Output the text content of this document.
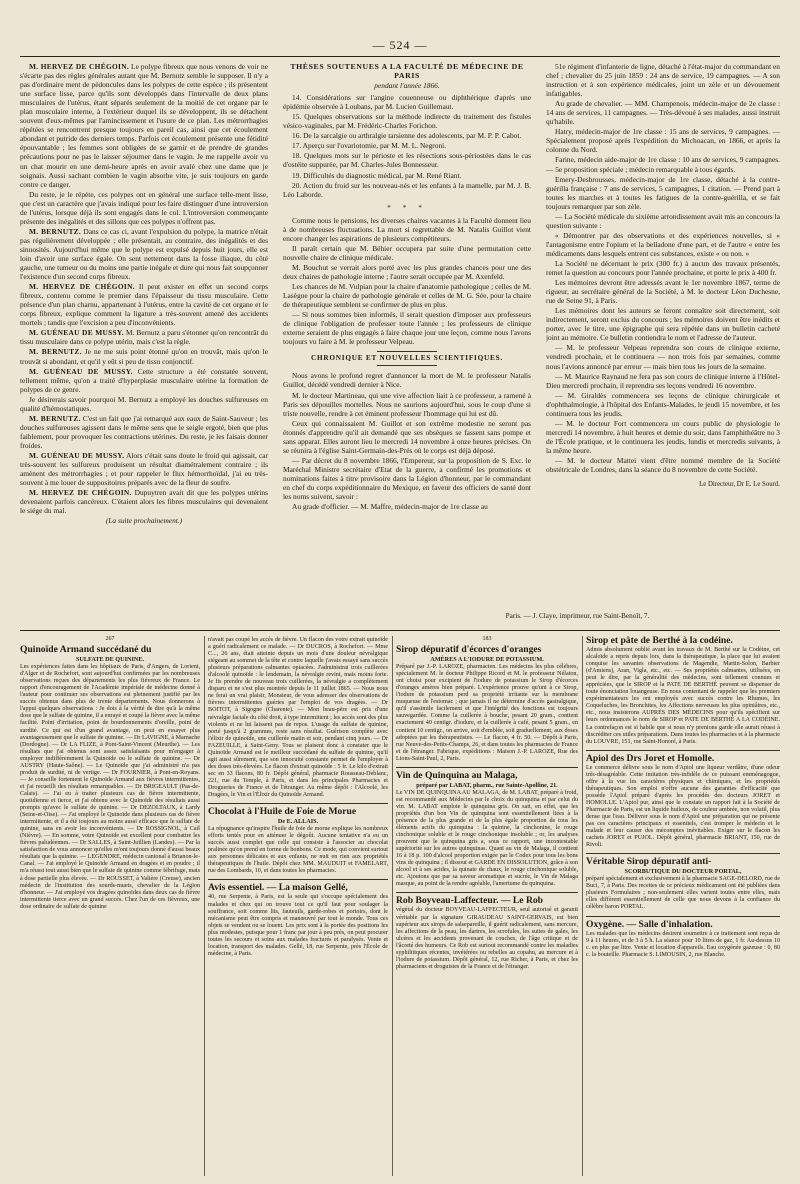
— 524 —

M. HERVEZ DE CHÉGOIN. Le polype fibreux que nous venons de voir ne s'écarte pas des règles générales autant que M. Bernutz semble le supposer. Il n'y a pas d'ordinaire ment de pédoncules dans les polypes de cette espèce ; ils présentent une surface lisse, parce qu'ils sont développés dans l'intervalle de deux plans musculaires de l'utérus, étant séparés seulement de la moitié de cet organe par le plan musculaire interne, à l'extérieur duquel ils se développent, ils se détachent souvent d'eux-mêmes par l'amincissement et l'usure de ce plan. Les métrorrhagies répétées se rencontrent presque toujours en pareil cas, ainsi que cet écoulement abondant et putride des derniers temps. Parfois cet écoulement présente une fétidité épouvantable ; les femmes sont obligées de se garnir et de prendre de grandes précautions pour ne pas le laisser séjourner dans le vagin. Je me rappelle avoir vu un chat mourir en une demi-heure après en avoir avalé chez une dame que je soignais. Aussi sachant combien le vagin absorbe vite, je suis toujours en garde contre ce danger.

Du reste, je le répète, ces polypes ont en général une surface telle-ment lisse, que c'est un caractère que j'avais indiqué pour les faire distinguer d'une introversion de l'utérus, lorsque déjà ils sont engagés dans le col. L'introversion commençante présente des inégalités et des sillons que ces polypes n'offrent pas.

M. BERNUTZ. Dans ce cas ci, avant l'expulsion du polype, la matrice n'était pas régulièrement développée ; elle présentait, au contraire, des inégalités et des sinuosités. Aujourd'hui même que le polype est expulsé depuis huit jours, elle est loin d'avoir une surface égale. On sent nettement dans la fosse iliaque, du côté gauche, une tumeur ou du moins une partie inégale et dure qui nous fait soupçonner l'existence d'un second corps fibreux.

M. HERVEZ DE CHÉGOIN. Il peut exister en effet un second corps fibreux, contenu comme le premier dans l'épaisseur du tissu musculaire. Cette présence d'un plan charnu, appartenant à l'utérus, entre la cavité de cet organe et le corps fibreux, explique comment la ligature a très-souvent amené des accidents mortels ; tandis que l'excision a peu d'inconvénients.

M. GUÉNEAU DE MUSSY. M. Bernutz a paru s'étonner qu'on rencontrât du tissu musculaire dans ce polype utérin, mais c'est la règle.

M. BERNUTZ. Je ne me suis point étonné qu'on en trouvât, mais qu'on le trouvât si abondant, et qu'il y eût si peu de tissu conjonctif.

M. GUÉNEAU DE MUSSY. Cette structure a été constatée souvent, tellement même, qu'on a traité d'hyperplasie musculaire utérine la formation de polypes de ce genre.

Je désirerais savoir pourquoi M. Bernutz a employé les douches sulfureuses en qualité d'hémostatiques.

M. BERNUTZ. C'est un fait que j'ai remarqué aux eaux de Saint-Sauveur ; les douches sulfureuses agissent dans le même sens que le seigle ergoté, bien que plus faiblement, pour provoquer les contractions utérines. Du reste, je les faisais donner froides.

M. GUÉNEAU DE MUSSY. Alors c'était sans doute le froid qui agissait, car très-souvent les sulfureux produisent un résultat diamétralement contraire ; ils amènent des métrorrhagies ; et pour rappeler le flux hémorrhoïdal, j'ai eu très-souvent à me louer de suppositoires préparés avec de la fleur de soufre.

M. HERVEZ DE CHÉGOIN. Dupuytren avait dit que les polypes utérins devenaient parfois cancéreux. C'étaient alors les fibres musculaires qui devenaient le siége du mal.

(La suite prochainement.)

THÈSES SOUTENUES A LA FACULTÉ DE MÉDECINE DE PARIS

pendant l'année 1866.

14. Considérations sur l'angine couenneuse ou diphthérique d'après une épidémie observée à Loubans, par M. Lucien Guillemaut.

15. Quelques observations sur la méthode indirecte du traitement des fistules vésico-vaginales, par M. Frédéric-Charles Forichon.

16. De la sarcalgie ou arthralgie tarsienne des adolescents, par M. P. P. Cabot.

17. Aperçu sur l'ovariotomie, par M. M. L. Negroni.

18. Quelques mots sur le périoste et les résections sous-périostées dans le cas d'ostéite suppurée, par M. Charles-Jules Bonnesseur.

19. Difficultés du diagnostic médical, par M. René Riant.

20. Action du froid sur les nouveau-nés et les enfants à la mamelle, par M. J. B. Léo Laborde.

* * *

Comme nous le pensions, les diverses chaires vacantes à la Faculté donnent lieu à de nombreuses fluctuations. La mort si regrettable de M. Natalis Guillot vient encore changer les aspirations de plusieurs compétiteurs.

Il paraît certain que M. Béhier occupera par suite d'une permutation cette nouvelle chaire de clinique médicale.

M. Bouchut se verrait alors porté avec les plus grandes chances pour une des deux chaires de pathologie interne ; l'autre serait occupée par M. Axenfeld.

Les chances de M. Vulpian pour la chaire d'anatomie pathologique ; celles de M. Lasègue pour la chaire de pathologie générale et celles de M. G. Sée, pour la chaire de thérapeutique semblent se confirmer de plus en plus.

— Si nous sommes bien informés, il serait question d'imposer aux professeurs de clinique l'obligation de professer toute l'année ; les professeurs de clinique externe seraient de plus engagés à faire chaque jour une leçon, comme nous l'avons toujours vu faire à M. le professeur Velpeau.

CHRONIQUE ET NOUVELLES SCIENTIFIQUES.

Nous avons le profond regret d'annoncer la mort de M. le professeur Natalis Guillot, décédé vendredi dernier à Nice.

M. le docteur Martineau, qui une vive affection liait à ce professeur, a ramené à Paris ses dépouilles mortelles. Nous ne saurions aujourd'hui, sous le coup d'une si triste nouvelle, rendre à cet éminent professeur l'hommage qui lui est dû.

Ceux qui connaissaient M. Guillot et son extrême modestie ne seront pas étonnés d'apprendre qu'il ait demandé que ses obsèques se fassent sans pompe et sans apparat. Elles auront lieu le mercredi 14 novembre à onze heures précises. On se réunira à l'église Saint-Germain-des-Prés où le corps est déjà déposé.

— Par décret du 8 novembre 1866, l'Empereur, sur la proposition de S. Exc. le Maréchal Ministre secrétaire d'Etat de la guerre, a confirmé les promotions et nominations faites à titre provisoire dans la Légion d'honneur, par le commandant en chef du corps expéditionnaire du Mexique, en faveur des officiers de santé dont les noms suivent, savoir :

Au grade d'officier. — M. Maffre, médecin-major de 1re classe au

51e régiment d'infanterie de ligne, détaché à l'état-major du commandant en chef ; chevalier du 25 juin 1859 : 24 ans de service, 19 campagnes. — A son instruction et à son expérience médicales, joint un zèle et un dévouement infatigables.

Au grade de chevalier. — MM. Champenois, médecin-major de 2e classe : 14 ans de services, 11 campagnes. — Très-dévoué à ses malades, aussi instruit qu'habile.

Hatry, médecin-major de 1re classe : 15 ans de services, 9 campagnes. — Spécialement proposé après l'expédition du Michoacan, en 1866, et après la colonne du Nord.

Farine, médecin aide-major de 1re classe : 10 ans de services, 9 campagnes. — 5e proposition spéciale ; médecin remarquable à tous égards.

Emery-Desbrousses, médecin-major de 1re classe, détaché à la contre-guérilla française : 7 ans de services, 5 campagnes, 1 citation. — Prend part à toutes les marches et à toutes les fatigues de la contre-guérilla, et se fait toujours remarquer par son zèle.

— La Société médicale du sixième arrondissement avait mis au concours la question suivante :

« Démontrer par des observations et des expériences nouvelles, si « l'antagonisme entre l'opium et la belladone d'une part, et de l'autre « entre les médicaments dans lesquels entrent ces substances, existe « ou non. »

La Société ne décernant le prix (300 fr.) à aucun des travaux présentés, remet la question au concours pour l'année prochaine, et porte le prix à 400 fr.

Les mémoires devront être adressés avant le 1er novembre 1867, terme de rigueur, au secrétaire général de la Société, à M. le docteur Léon Duchesne, rue de Seine 91, à Paris.

Les mémoires dont les auteurs se feront connaître soit directement, soit indirectement, seront exclus du concours ; les mémoires doivent être inédits et porter, avec le titre, une épigraphe qui sera répétée dans un bulletin cacheté joint au mémoire. Ce bulletin contiendra le nom et l'adresse de l'auteur.

— M. le professeur Velpeau reprendra son cours de clinique externe, vendredi prochain, et le continuera — non trois fois par semaines, comme nous l'avions annoncé par erreur — mais bien tous les jours de la semaine.

— M. Maurice Raynaud ne fera pas son cours de clinique interne à l'Hôtel-Dieu mercredi prochain, il reprendra ses leçons vendredi 16 novembre.

— M. Giraldès commencera ses leçons de clinique chirurgicale et d'ophthalmologie, à l'hôpital des Enfants-Malades, le jeudi 15 novembre, et les continuera tous les jeudis.

— M. le docteur Fort commencera un cours public de physiologie le mercredi 14 novembre, à huit heures et demie du soir, dans l'amphithéâtre no 3 de l'École pratique, et le continuera les jeudis, lundis et mercredis suivants, à la même heure.

— M. le docteur Mattei vient d'être nommé membre de la Société obstétricale de Londres, dans la séance du 8 novembre de cette Société.

Le Directeur, Dr E. Le Sourd.

Paris. — J. Claye, imprimeur, rue Saint-Benoît, 7.
267
Quinoïde Armand succédané du
SULFATE DE QUININE.
Les expériences faites dans les hôpitaux de Paris, d'Angers, de Lorient, d'Alger et de Rochefort, sont aujourd'hui confirmées par les nombreuses observations reçues des départements les plus fiévreux de France. Le rapport d'encouragement de l'Académie impériale de médecine donné à l'auteur pour continuer ses observations est pleinement justifié par les succès obtenus dans plus de trente départements. Nous donnerons à l'appui quelques observations : Je dois à la vérité de dire qu'à la même dose que le sulfate de quinine, il a enrayé et coupé la fièvre avec la même facilité. Point d'irritation, point de bourdonnements d'oreille, point de surdité. Ce qui est d'un grand avantage, on peut en essayer plus avantageusement que le sulfate de quinine. — Dr LAVIGNE, à Marnache (Dordogne). — Dr LA FLIZE, à Pont-Saint-Vincent (Meurthe). — Les résultats que j'ai obtenus sont assez satisfaisants pour m'engager à employer indifféremment la Quinoïde ou le sulfate de quinine. — Dr AUSTRY (Haute-Saône). — Le Quinoïde que j'ai administré n'a pas produit de surdité, ni de vertige. — Dr FOURNIER, à Pont-en-Royans. — Je conseille fortement le Quinoïde Armand aux fièvres intermittentes, et j'ai recueilli des résultats remarquables. — Dr BRIGEAULT (Pas-de-Calais). — J'ai eu à traiter plusieurs cas de fièvre intermittente, quotidienne et tierce, et j'ai obtenu avec le Quinoïde des résultats aussi prompts qu'avec le sulfate de quinine. — Dr DEZOLTAUX, à Lardy (Seine-et-Oise). — J'ai employé le Quinoïde dans plusieurs cas de fièvre intermittente, et il a été toujours au moins aussi efficace que le sulfate de quinine, sans en avoir les inconvénients. — Dr ROSSIGNOL, à Cail (Nièvre). — En somme, votre Quinoïde est excellent pour combattre les fièvres paludéennes. — Dr SALLES, à Saint-Juillien (Landes). — Par la satisfaction de vous annoncer qu'elles m'ont toujours donné d'aussi beaux résultats que la quinine. — LEGENDRE, médecin cantonal à Brianon-le-Canal. — J'ai employé le Quinoïde Armand en dragées et en poudre ; il m'a réussi tout aussi bien que le sulfate de quinine comme fébrifuge, mais à dose partielle plus élevée. — Dr ROUSSET, à Valière (Creuse), ancien médecin de l'institution des sourds-muets, chevalier de la Légion d'honneur. — J'ai employé vos dragées quinoïdes dans deux cas de fièvre intermittente tierce avec un grand succès. Chez l'un de ces fièvreux, une dose ordinaire de sulfate de quinine
n'avait pas coupé les accès de fièvre. Un flacon des votre extrait quinoïde a guéri radicalement ce malade. — Dr DUCROS, à Rochefort. — Mme C..., 26 ans, était atteinte depuis un mois d'une douleur névralgique siégeant au sommet de la tête et contre laquelle j'avais essayé sans succès plusieurs préparations calmantes opiacées. J'administrai trois cuillerées d'alcoolé quinoïde : le lendemain, la névralgie revint, mais moins forte. Je fis prendre de nouveau trois cuillerées, la névralgie a complètement disparu et ne s'est plus montrée depuis le 11 juillet 1865. — Nous nous ne ferai un vrai plaisir, Monsieur, de vous adresser des observations de fièvres intermittentes guéries par l'emploi de vos dragées. — Dr BOITOT, à Sigogne (Charente). — Mon beau-père est pris d'une névralgie faciale du côté droit, à type intermittent ; les accès sont des plus violents et ne lui laissent pas de repos. L'usage du sulfate de quinine, porté jusqu'à 2 grammes, reste sans résultat. Guérison complète avec l'élixir de quinoïde, une cuillerée matin et soir, pendant cinq jours. — Dr FAZEUILLE, à Saint-Geny. Tous se plaisent donc à constater que le Quinoïde Armand est le meilleur succédané du sulfate de quinine, qu'il agit aussi sûrement, que son innocuité constante permet de l'employer à des doses très-élevées. Le flacon d'extrait quinoïde : 5 fr. Le kilo d'extrait sec en 33 flacons, 80 fr. Dépôt général, pharmacie Rousseau-Deblanc, 221, rue du Temple, à Paris, et dans les principales Pharmacies et Drogueries de France et de l'étranger. Au même dépôt : l'Alcoolé, les Dragées, le Vin et l'Élixir du Quinoïde Armand.
Chocolat à l'Huile de Foie de Morue
De E. ALLAIS.
La répugnance qu'inspire l'huile de foie de morue explique les nombreux efforts tentés pour en atténuer le dégoût. Aucune tentative n'a eu un succès aussi complet que celle qui consiste à l'associer au chocolat pralinée qu'on prend en forme de bonbons. Ce mode, qui convient surtout aux personnes délicates et aux enfants, ne nuit en rien aux propriétés thérapeutiques de l'huile. Dépôt chez MM. MAUDUIT et FAMELART, rue des Lombards, 10, et dans toutes les pharmacies.
Avis essentiel. — La maison Gellé,
40, rue Serpente, à Paris, est la seule qui s'occupe spécialement des malades et chez qui on trouve tout ce qu'il faut pour soulager la souffrance, soit comme lits, fauteuils, garde-robes et portoirs, dont le mécanisme peut être compris et manœuvré par tout le monde. Tous ces objets se vendent ou se louent. Les prix sont à la portée des positions les plus modestes, puisque pour 1 franc par jour à peu près, on peut procurer toutes les secours et soins aux malades fracturés et paralysés. Vente et location, transport des malades. Gellé, 18, rue Serpente, près l'École de médecine, à Paris.
183
Sirop dépuratif d'écorces d'oranges
AMÈRES A L'IODURE DE POTASSIUM.
Préparé par J.-P. LAROZE, pharmacien. Les médecins les plus célèbres, spécialement M. le docteur Philippe Ricord et M. le professeur Nélaton, ont choisi pour excipient de l'iodure de potassium le Sirop d'écorces d'oranges amères bien préparé. L'expérience prouve qu'uni à ce Sirop, l'iodure de potassium perd sa propriété irritante sur la membrane muqueuse de l'estomac ; que jamais il ne détermine d'accès gastralgique, qu'il s'assimile facilement et que l'intégrité des fonctions est toujours sauvegardée. Comme la cuillerée à bouche, pesant 20 gram., contient exactement 40 centigr. d'iodure, et la cuillerée à café, pesant 5 gram., en contient 10 centigr., on arrive, soit d'emblée, soit graduellement, aux doses adoptées par les thérapeutistes. — Le flacon, 4 fr. 50. — Dépôt à Paris, rue Neuve-des-Petits-Champs, 26, et dans toutes les pharmacies de France et de l'étranger. Fabrique, expéditions : Maison J.-P. LAROZE, Rue des Lions-Saint-Paul, 2, Paris.
Vin de Quinquina au Malaga,
préparé par LABAT, pharm., rue Sainte-Apolline, 21.
Le VIN DE QUINQUINA AU MALAGA, de M. LABAT, préparé à froid, est recommandé aux Médecins par le choix du quinquina et par celui du vin. M. LABAT emploie le quinquina gris. On sait, en effet, que les propriétés d'un bon Vin de quinquina sont essentiellement liées à la présence de la plus grande et de la plus égale proportion de tous les éléments actifs du quinquina : la quinine, la cinchonine, le rouge cinchonique soluble et le rouge cinchonique insoluble ; or, les analyses prouvent que le quinquina gris a, sous ce rapport, une incontestable supériorité sur les autres quinquinas. Quant au vin de Malaga, il contient 16 à 18 p. 100 d'alcool proportion exigée par le Codex pour tous les bons vins de quinquina ; il dissout et GARDE EN DISSOLUTION, grâce à son alcool et à ses acides, la quinate de chaux, le rouge cinchonique soluble, etc. Ajoutons que par sa saveur aromatique et sucrée, le Vin de Malaga masque, au point de la rendre agréable, l'amertume du quinquina.
Rob Boyveau-Laffecteur. — Le Rob
végétal du docteur BOYVEAU-LAFFECTEUR, seul autorisé et garanti véritable par la signature GIRAUDEAU SAINT-GERVAIS, est bien supérieur aux sirops de salsepareille, il guérit radicalement, sans mercure, les affections de la peau, les dartres, les scrofules, les suites de gales, les ulcères et les accidents provenant de couches, de l'âge critique et de l'âcreté des humeurs. Ce Rob est surtout recommandé contre les maladies syphilitiques récentes, invétérées ou rebelles au copahu, au mercure et à l'iodure de potassium. Dépôt général, 12, rue Richer, à Paris, et chez les pharmaciens et droguistes de la France et de l'étranger.
Sirop et pâte de Berthé à la codéine.
Admis absolument oublié avant les travaux de M. Berthé sur la Codéine, cet alcaloïde a repris depuis lors, dans la thérapeutique, la place que lui avaient conquise les savantes observations de Magendie, Martin-Solon, Barbier (d'Amiens), Aran, Vigla, etc., etc. — Ses propriétés calmantes, utilisées, en peut le dire, par la généralité des médecins, sont tellement connues et appréciées, que le SIROP et la PATE DE BERTHÉ peuvent se dispenser de toute énonciation louangeuse. En nous contentant de rappeler que les premiers expérimentateurs les ont employés avec succès contre les Rhumes, les Coqueluches, les Bronchites, les Affections nerveuses les plus opiniâtres, etc., etc., nous insisterons AUPRÈS DES MÉDECINS pour qu'ils spécifient sur leurs ordonnances le nom de SIROP et PATE DE BERTHÉ A LA CODÉINE. La contrefaçon est si habile que si nous n'y prenions garde elle aurait réussi à discréditer ces utiles préparations. Dans toutes les pharmacies et à la pharmacie du LOUVRE, 151, rue Saint-Honoré, à Paris.
Apiol des Drs Joret et Homolle.
Le commerce délivre sous le nom d'Apiol une liqueur verdâtre, d'une odeur très-désagréable. Cette imitation très-infidèle de ce puissant emménagogue, offre à la vue les caractères physiques et chimiques, et les propriétés thérapeutiques. Son emploi n'offre aucune des garanties d'efficacité que possède l'Apiol préparé d'après les procédés des docteurs JORET et HOMOLLE. L'Apiol pur, ainsi que le constate un rapport fait à la Société de Pharmacie de Paris, est un liquide huileux, de couleur ambrée, non volatil, plus dense que l'eau. Délivrer sous le nom d'Apiol une préparation qui ne présente pas ces caractères principaux et essentiels, c'est tromper le médecin et le malade et leur causer des mécomptes inévitables. Exiger sur le flacon les cachets JORET et PUJOL. Dépôt général, pharmacie BRIANT, 150, rue de Rivoli.
Véritable Sirop dépuratif anti-
SCORBUTIQUE DU DOCTEUR PORTAL,
préparé spécialement et exclusivement à la pharmacie SAGE-DELORD, rue de Buci, 7, à Paris. Des recettes de ce précieux médicament ont été publiées dans plusieurs Formulaires ; non-seulement elles varient toutes entre elles, mais elles diffèrent essentiellement de celle que nous devons à la confiance du célèbre baron PORTAL.
Oxygène. — Salle d'inhalation.
Les malades que les médecins désirent soumettre à ce traitement sont reçus de 9 à 11 heures, et de 3 à 5 h. La séance pour 10 litres de gaz, 1 fr. Au-dessus 10 c. en plus par litre. Vente et location d'appareils. Eau oxygénée gazeuse : 0, 80 c. la bouteille. Pharmacie S. LIMOUSIN, 2, rue Blanche.
